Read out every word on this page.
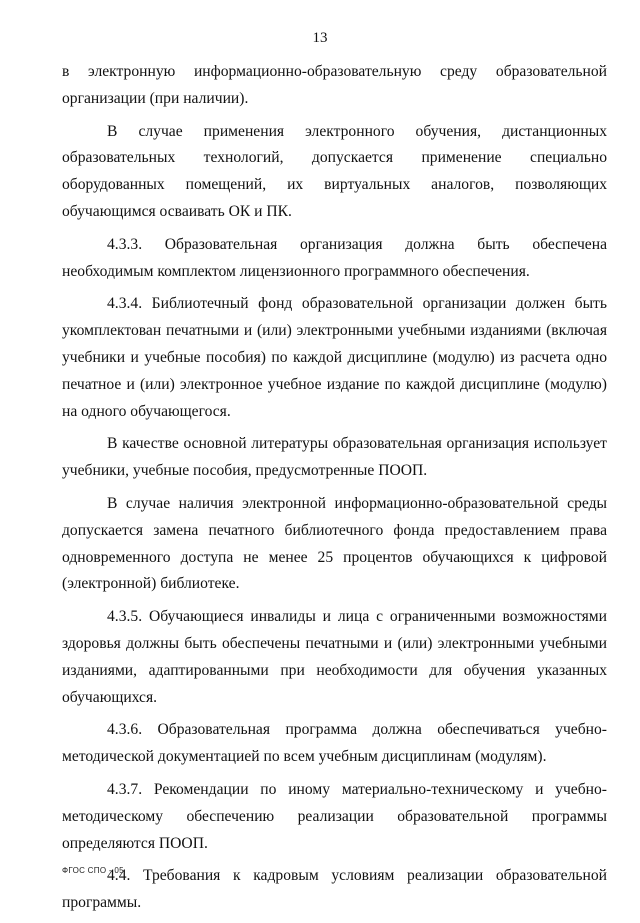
13

в электронную информационно-образовательную среду образовательной организации (при наличии).

В случае применения электронного обучения, дистанционных образовательных технологий, допускается применение специально оборудованных помещений, их виртуальных аналогов, позволяющих обучающимся осваивать ОК и ПК.

4.3.3. Образовательная организация должна быть обеспечена необходимым комплектом лицензионного программного обеспечения.

4.3.4. Библиотечный фонд образовательной организации должен быть укомплектован печатными и (или) электронными учебными изданиями (включая учебники и учебные пособия) по каждой дисциплине (модулю) из расчета одно печатное и (или) электронное учебное издание по каждой дисциплине (модулю) на одного обучающегося.

В качестве основной литературы образовательная организация использует учебники, учебные пособия, предусмотренные ПООП.

В случае наличия электронной информационно-образовательной среды допускается замена печатного библиотечного фонда предоставлением права одновременного доступа не менее 25 процентов обучающихся к цифровой (электронной) библиотеке.

4.3.5. Обучающиеся инвалиды и лица с ограниченными возможностями здоровья должны быть обеспечены печатными и (или) электронными учебными изданиями, адаптированными при необходимости для обучения указанных обучающихся.

4.3.6. Образовательная программа должна обеспечиваться учебно-методической документацией по всем учебным дисциплинам (модулям).

4.3.7. Рекомендации по иному материально-техническому и учебно-методическому обеспечению реализации образовательной программы определяются ПООП.

4.4. Требования к кадровым условиям реализации образовательной программы.

ФГОС СПО - 05
